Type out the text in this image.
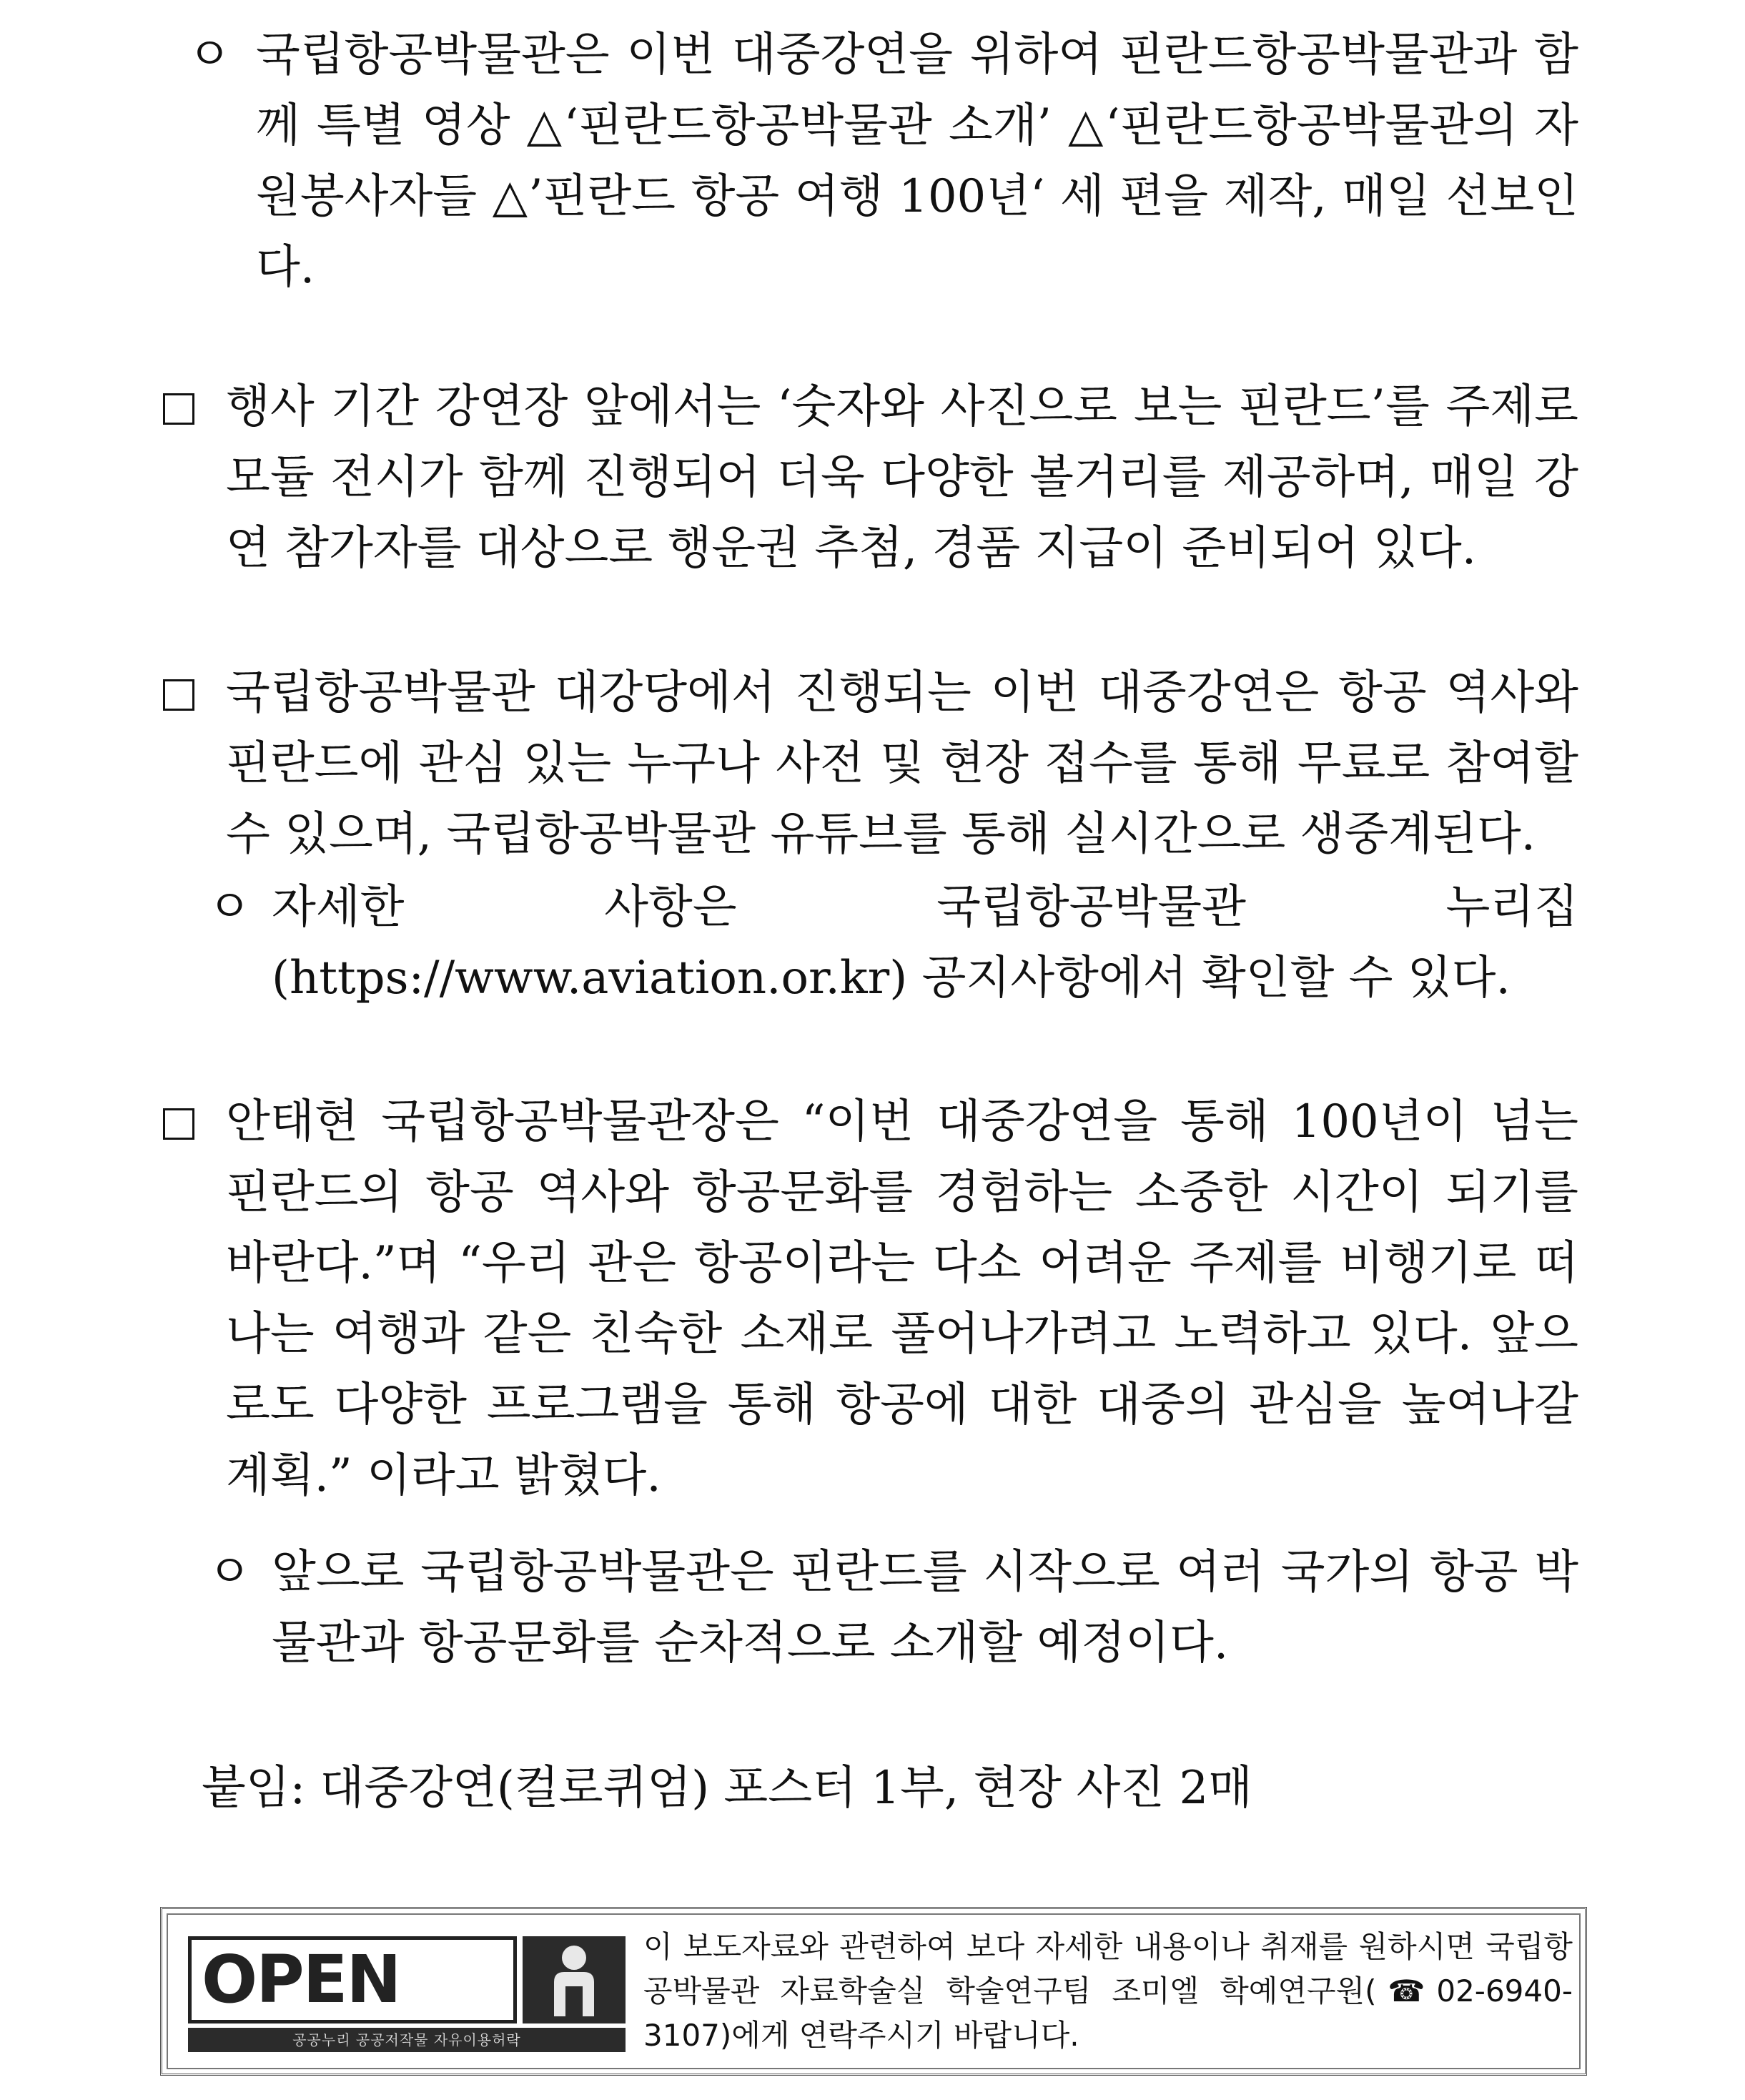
ㅇ 국립항공박물관은 이번 대중강연을 위하여 핀란드항공박물관과 함께 특별 영상 △‘핀란드항공박물관 소개’ △‘핀란드항공박물관의 자원봉사자들 △’핀란드 항공 여행 100년‘ 세 편을 제작, 매일 선보인다.
행사 기간 강연장 앞에서는 ‘숫자와 사진으로 보는 핀란드’를 주제로 모듈 전시가 함께 진행되어 더욱 다양한 볼거리를 제공하며, 매일 강연 참가자를 대상으로 행운권 추첨, 경품 지급이 준비되어 있다.
국립항공박물관 대강당에서 진행되는 이번 대중강연은 항공 역사와 핀란드에 관심 있는 누구나 사전 및 현장 접수를 통해 무료로 참여할 수 있으며, 국립항공박물관 유튜브를 통해 실시간으로 생중계된다.
ㅇ 자세한 사항은 국립항공박물관 누리집(https://www.aviation.or.kr) 공지사항에서 확인할 수 있다.
안태현 국립항공박물관장은 “이번 대중강연을 통해 100년이 넘는 핀란드의 항공 역사와 항공문화를 경험하는 소중한 시간이 되기를 바란다.”며 “우리 관은 항공이라는 다소 어려운 주제를 비행기로 떠나는 여행과 같은 친숙한 소재로 풀어나가려고 노력하고 있다. 앞으로도 다양한 프로그램을 통해 항공에 대한 대중의 관심을 높여나갈 계획.” 이라고 밝혔다.
ㅇ 앞으로 국립항공박물관은 핀란드를 시작으로 여러 국가의 항공 박물관과 항공문화를 순차적으로 소개할 예정이다.
붙임: 대중강연(컬로퀴엄) 포스터 1부, 현장 사진 2매
OPEN
공공누리 공공저작물 자유이용허락
이 보도자료와 관련하여 보다 자세한 내용이나 취재를 원하시면 국립항공박물관 자료학술실 학술연구팀 조미엘 학예연구원(☎02-6940-3107)에게 연락주시기 바랍니다.
